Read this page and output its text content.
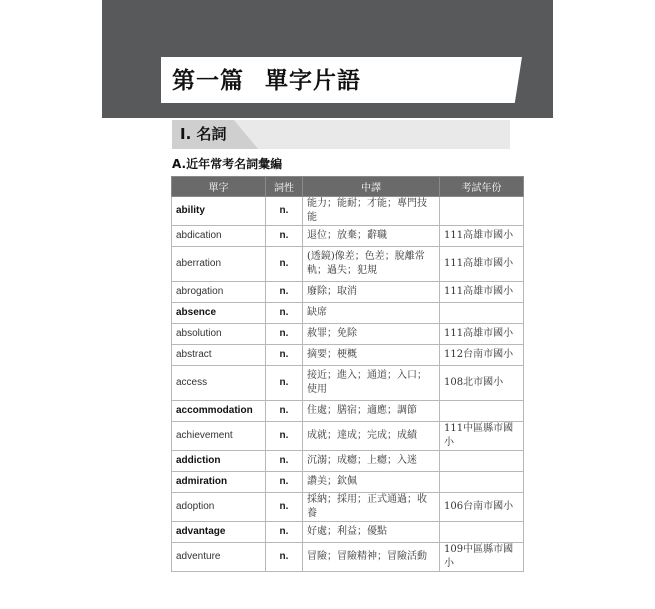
第一篇 單字片語
I. 名詞
A.近年常考名詞彙編
單字	詞性	中譯	考試年份
ability	n.	能力；能耐；才能；專門技能	
abdication	n.	退位；放棄；辭職	111高雄市國小
aberration	n.	(透鏡)像差；色差；脫離常軌；過失；犯規	111高雄市國小
abrogation	n.	廢除；取消	111高雄市國小
absence	n.	缺席	
absolution	n.	赦罪；免除	111高雄市國小
abstract	n.	摘要；梗概	112台南市國小
access	n.	接近；進入；通道；入口；使用	108北市國小
accommodation	n.	住處；膳宿；適應；調節	
achievement	n.	成就；達成；完成；成績	111中區縣市國小
addiction	n.	沉溺；成癮；上癮；入迷	
admiration	n.	讚美；欽佩	
adoption	n.	採納；採用；正式通過；收養	106台南市國小
advantage	n.	好處；利益；優點	
adventure	n.	冒險；冒險精神；冒險活動	109中區縣市國小
